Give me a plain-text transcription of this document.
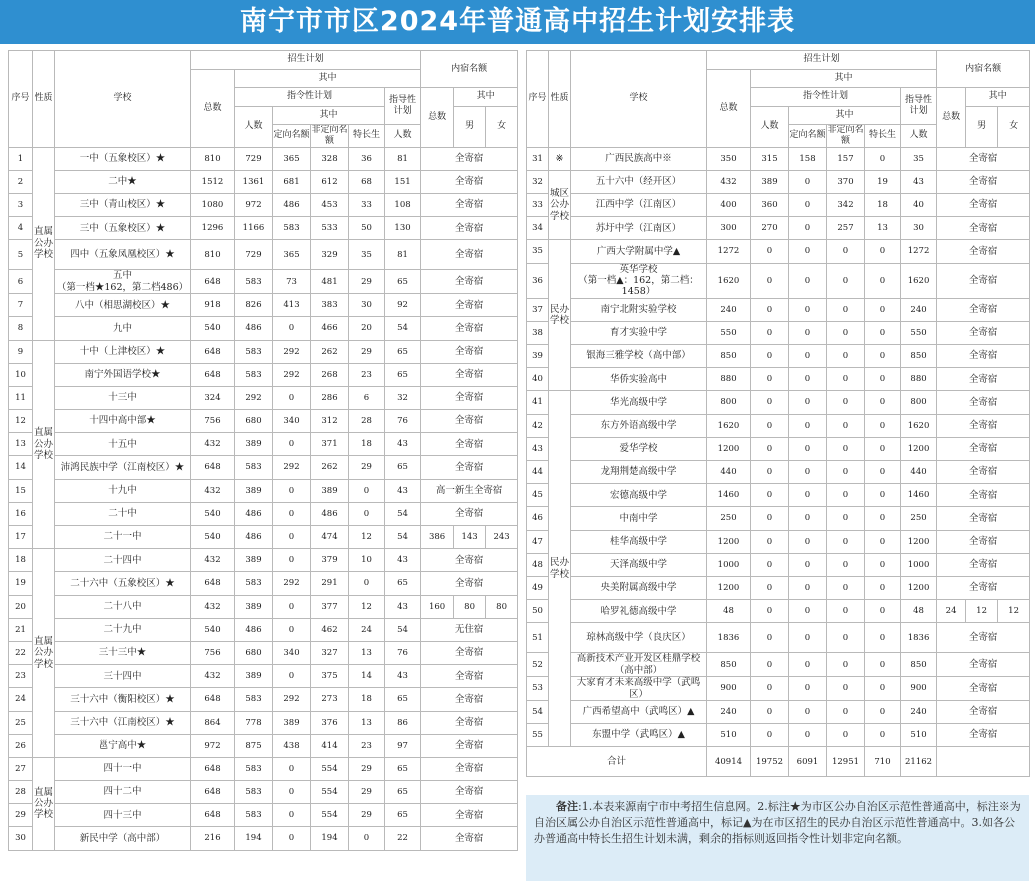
南宁市市区2024年普通高中招生计划安排表
序号	性质	学校	招生计划						内宿名额		
			总数	其中							
				指令性计划				指导性计划	总数	其中	
				人数	其中					男	女
					定向名额	非定向名额	特长生	人数			
1	直属公办学校	一中（五象校区）★	810	729	365	328	36	81	全寄宿		
2		二中★	1512	1361	681	612	68	151	全寄宿		
3		三中（青山校区）★	1080	972	486	453	33	108	全寄宿		
4		三中（五象校区）★	1296	1166	583	533	50	130	全寄宿		
5		四中（五象凤凰校区）★	810	729	365	329	35	81	全寄宿		
6		五中
（第一档★162，第二档486）	648	583	73	481	29	65	全寄宿		
7		八中（相思湖校区）★	918	826	413	383	30	92	全寄宿		
8		九中	540	486	0	466	20	54	全寄宿		
9	直属公办学校	十中（上津校区）★	648	583	292	262	29	65	全寄宿		
10		南宁外国语学校★	648	583	292	268	23	65	全寄宿		
11		十三中	324	292	0	286	6	32	全寄宿		
12		十四中高中部★	756	680	340	312	28	76	全寄宿		
13		十五中	432	389	0	371	18	43	全寄宿		
14		沛鸿民族中学（江南校区）★	648	583	292	262	29	65	全寄宿		
15		十九中	432	389	0	389	0	43	高一新生全寄宿		
16		二十中	540	486	0	486	0	54	全寄宿		
17		二十一中	540	486	0	474	12	54	386	143	243
18	直属公办学校	二十四中	432	389	0	379	10	43	全寄宿		
19		二十六中（五象校区）★	648	583	292	291	0	65	全寄宿		
20		二十八中	432	389	0	377	12	43	160	80	80
21		二十九中	540	486	0	462	24	54	无住宿		
22		三十三中★	756	680	340	327	13	76	全寄宿		
23		三十四中	432	389	0	375	14	43	全寄宿		
24		三十六中（衡阳校区）★	648	583	292	273	18	65	全寄宿		
25		三十六中（江南校区）★	864	778	389	376	13	86	全寄宿		
26		邕宁高中★	972	875	438	414	23	97	全寄宿		
27	直属公办学校	四十一中	648	583	0	554	29	65	全寄宿		
28		四十二中	648	583	0	554	29	65	全寄宿		
29		四十三中	648	583	0	554	29	65	全寄宿		
30		新民中学（高中部）	216	194	0	194	0	22	全寄宿		
序号	性质	学校	招生计划						内宿名额		
			总数	其中							
				指令性计划				指导性计划	总数	其中	
				人数	其中					男	女
					定向名额	非定向名额	特长生	人数			
31	※	广西民族高中※	350	315	158	157	0	35	全寄宿		
32	城区公办学校	五十六中（经开区）	432	389	0	370	19	43	全寄宿		
33		江西中学（江南区）	400	360	0	342	18	40	全寄宿		
34		苏圩中学（江南区）	300	270	0	257	13	30	全寄宿		
35	民办学校	广西大学附属中学▲	1272	0	0	0	0	1272	全寄宿		
36		英华学校
（第一档▲：162，第二档：1458）	1620	0	0	0	0	1620	全寄宿		
37		南宁北附实验学校	240	0	0	0	0	240	全寄宿		
38		育才实验中学	550	0	0	0	0	550	全寄宿		
39		银海三雅学校（高中部）	850	0	0	0	0	850	全寄宿		
40		华侨实验高中	880	0	0	0	0	880	全寄宿		
41	民办学校	华光高级中学	800	0	0	0	0	800	全寄宿		
42		东方外语高级中学	1620	0	0	0	0	1620	全寄宿		
43		爱华学校	1200	0	0	0	0	1200	全寄宿		
44		龙翔荆楚高级中学	440	0	0	0	0	440	全寄宿		
45		宏德高级中学	1460	0	0	0	0	1460	全寄宿		
46		中南中学	250	0	0	0	0	250	全寄宿		
47		桂华高级中学	1200	0	0	0	0	1200	全寄宿		
48		天泽高级中学	1000	0	0	0	0	1000	全寄宿		
49		央美附属高级中学	1200	0	0	0	0	1200	全寄宿		
50		哈罗礼德高级中学	48	0	0	0	0	48	24	12	12
51		琼林高级中学（良庆区）	1836	0	0	0	0	1836	全寄宿		
52		高新技术产业开发区桂鼎学校（高中部）	850	0	0	0	0	850	全寄宿		
53		大家育才未来高级中学（武鸣区）	900	0	0	0	0	900	全寄宿		
54		广西希望高中（武鸣区）▲	240	0	0	0	0	240	全寄宿		
55		东盟中学（武鸣区）▲	510	0	0	0	0	510	全寄宿		
合计			40914	19752	6091	12951	710	21162			
备注:1.本表来源南宁市中考招生信息网。2.标注★为市区公办自治区示范性普通高中，标注※为自治区属公办自治区示范性普通高中，标记▲为在市区招生的民办自治区示范性普通高中。3.如各公办普通高中特长生招生计划未满，剩余的指标则返回指令性计划非定向名额。
